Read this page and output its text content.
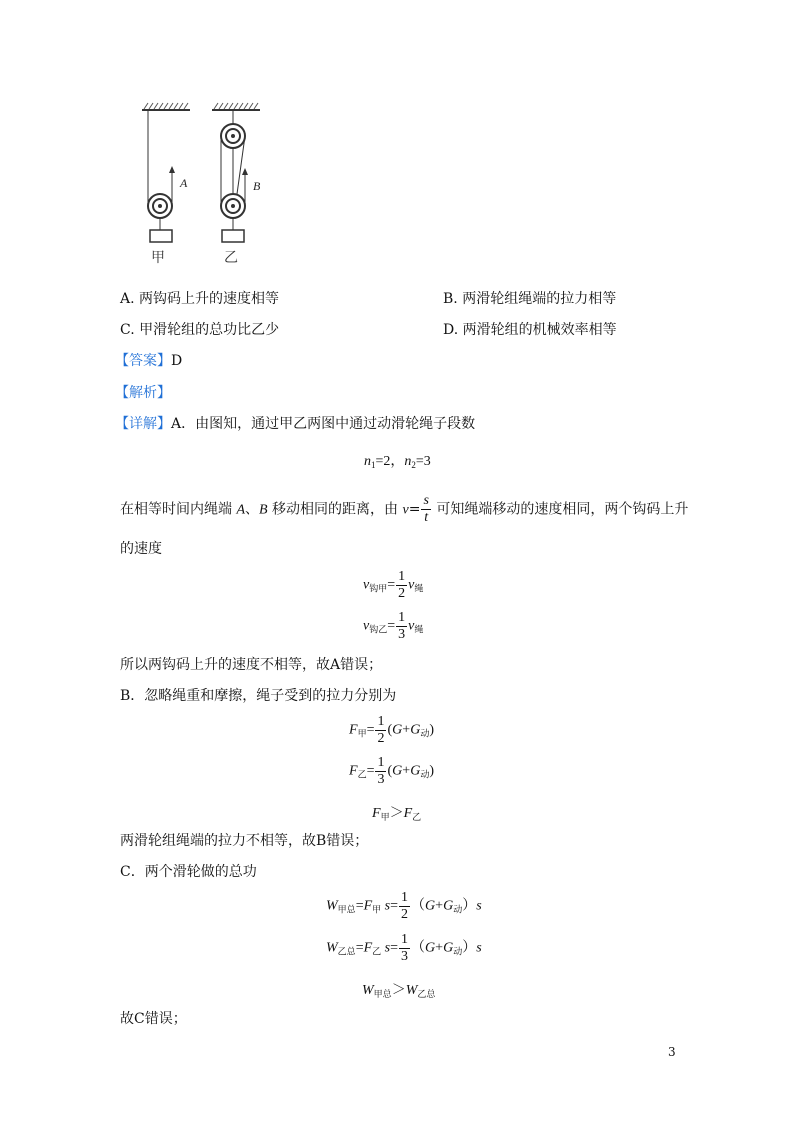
A
甲
B
乙
A. 两钩码上升的速度相等	B. 两滑轮组绳端的拉力相等
C. 甲滑轮组的总功比乙少	D. 两滑轮组的机械效率相等
【答案】D
【解析】
【详解】A．由图知，通过甲乙两图中通过动滑轮绳子段数
$n_1=2$，$n_2=3$
在相等时间内绳端 A、B 移动相同的距离，由 $v= \frac{s}{t}$ 可知绳端移动的速度相同，两个钩码上升
的速度
$v_{钩甲}= \frac{1}{2} v_绳$
$v_{钩乙}= \frac{1}{3} v_绳$
所以两钩码上升的速度不相等，故A错误；
B．忽略绳重和摩擦，绳子受到的拉力分别为
$F_甲= \frac{1}{2} (G+G_动)$
$F_乙= \frac{1}{3} (G+G_动)$
$F_甲>F_乙$
两滑轮组绳端的拉力不相等，故B错误；
C．两个滑轮做的总功
$W_{甲总}=F_甲$ $s= \frac{1}{2} (G+G_动)s$
$W_{乙总}=F_乙$ $s= \frac{1}{3} (G+G_动)s$
$W_{甲总}>W_{乙总}$
故C错误；
3
